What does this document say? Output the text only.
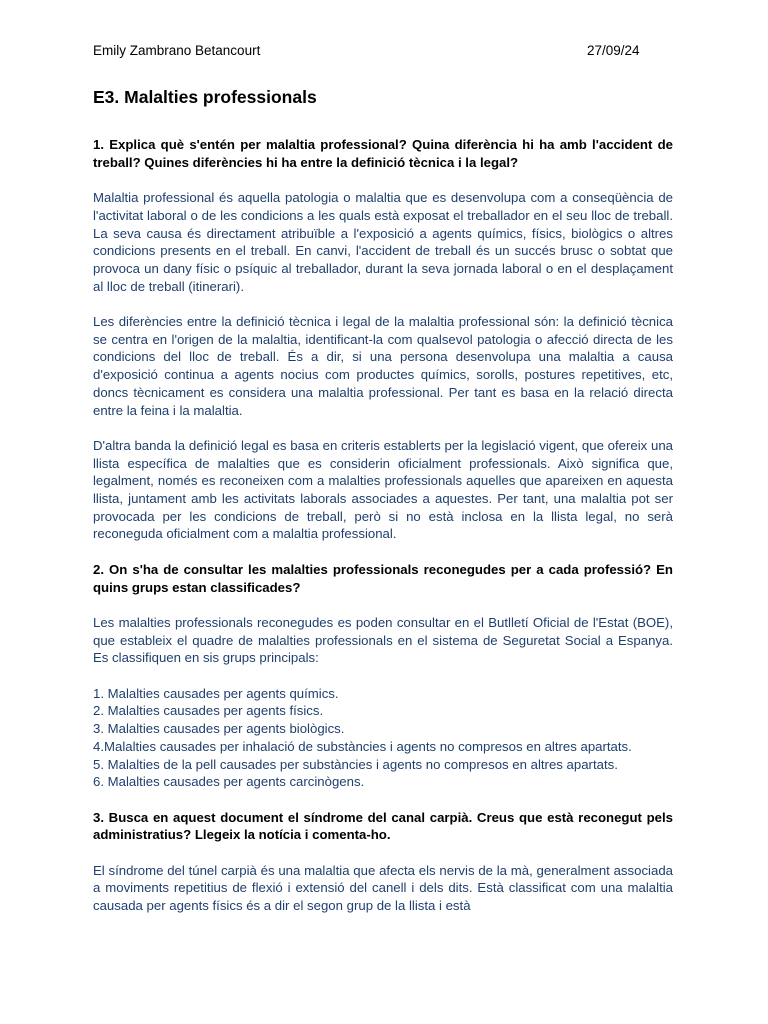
Emily Zambrano Betancourt	27/09/24
E3. Malalties professionals

1. Explica què s'entén per malaltia professional? Quina diferència hi ha amb l'accident de treball? Quines diferències hi ha entre la definició tècnica i la legal?

Malaltia professional és aquella patologia o malaltia que es desenvolupa com a conseqüència de l'activitat laboral o de les condicions a les quals està exposat el treballador en el seu lloc de treball. La seva causa és directament atribuïble a l'exposició a agents químics, físics, biològics o altres condicions presents en el treball. En canvi, l'accident de treball és un succés brusc o sobtat que provoca un dany físic o psíquic al treballador, durant la seva jornada laboral o en el desplaçament al lloc de treball (itinerari).

Les diferències entre la definició tècnica i legal de la malaltia professional són: la definició tècnica se centra en l'origen de la malaltia, identificant-la com qualsevol patologia o afecció directa de les condicions del lloc de treball. És a dir, si una persona desenvolupa una malaltia a causa d'exposició continua a agents nocius com productes químics, sorolls, postures repetitives, etc, doncs tècnicament es considera una malaltia professional. Per tant es basa en la relació directa entre la feina i la malaltia.

D'altra banda la definició legal es basa en criteris establerts per la legislació vigent, que ofereix una llista específica de malalties que es considerin oficialment professionals. Això significa que, legalment, només es reconeixen com a malalties professionals aquelles que apareixen en aquesta llista, juntament amb les activitats laborals associades a aquestes. Per tant, una malaltia pot ser provocada per les condicions de treball, però si no està inclosa en la llista legal, no serà reconeguda oficialment com a malaltia professional.

2. On s'ha de consultar les malalties professionals reconegudes per a cada professió? En quins grups estan classificades?

Les malalties professionals reconegudes es poden consultar en el Butlletí Oficial de l'Estat (BOE), que estableix el quadre de malalties professionals en el sistema de Seguretat Social a Espanya. Es classifiquen en sis grups principals:

1. Malalties causades per agents químics.
2. Malalties causades per agents físics.
3. Malalties causades per agents biològics.
4.Malalties causades per inhalació de substàncies i agents no compresos en altres apartats.
5. Malalties de la pell causades per substàncies i agents no compresos en altres apartats.
6. Malalties causades per agents carcinògens.

3. Busca en aquest document el síndrome del canal carpià. Creus que està reconegut pels administratius? Llegeix la notícia i comenta-ho.

El síndrome del túnel carpià és una malaltia que afecta els nervis de la mà, generalment associada a moviments repetitius de flexió i extensió del canell i dels dits. Està classificat com una malaltia causada per agents físics és a dir el segon grup de la llista i està
